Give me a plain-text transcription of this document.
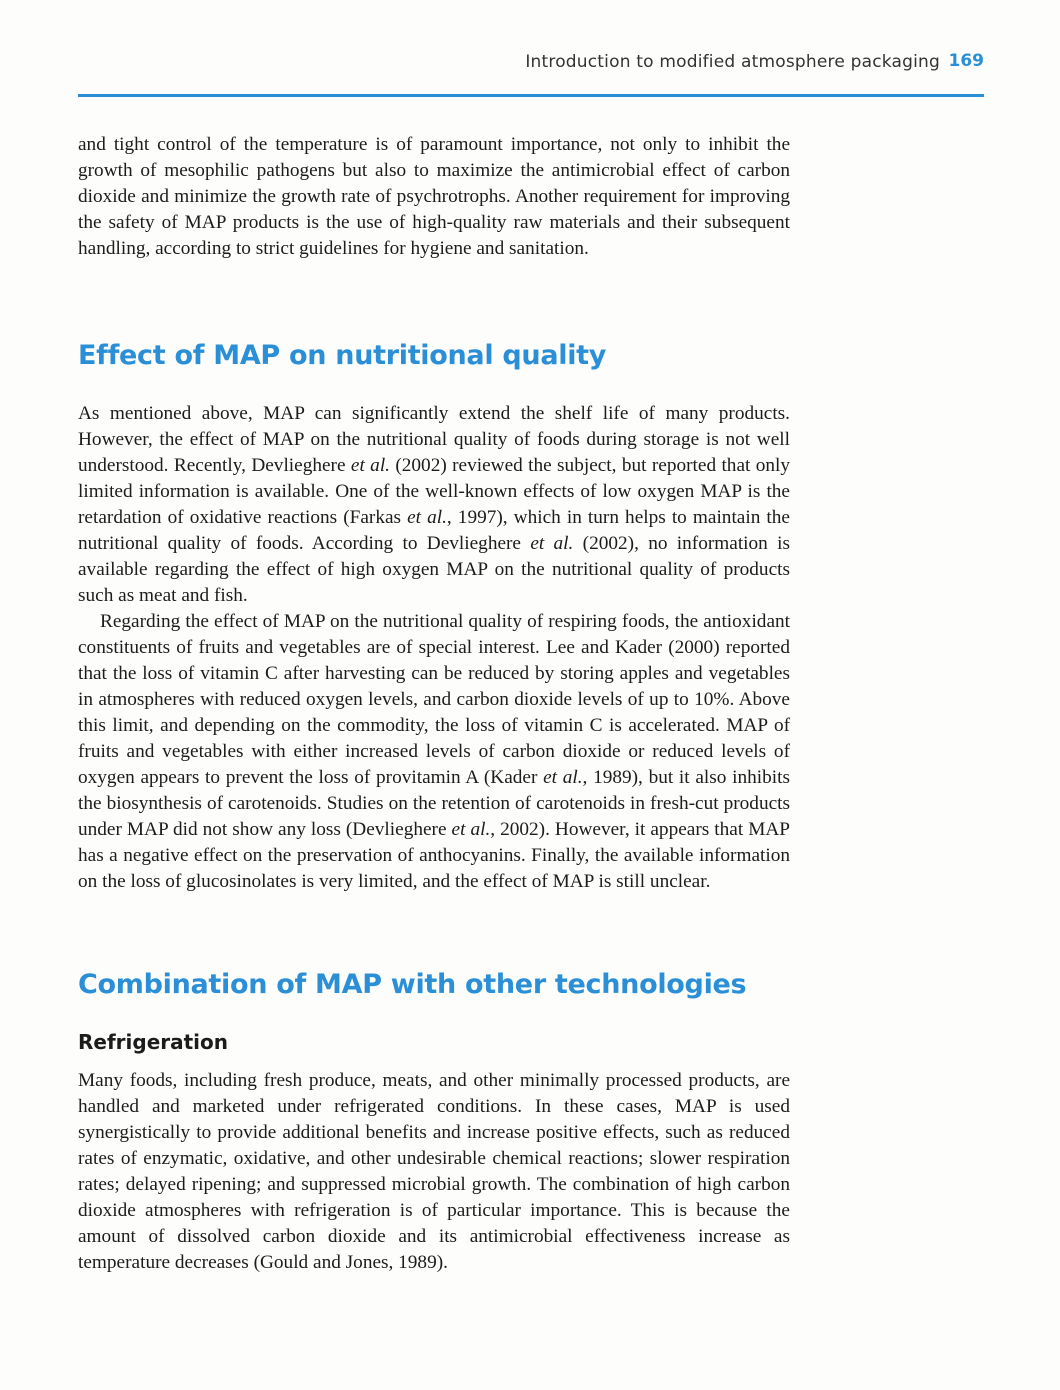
Introduction to modified atmosphere packaging 169

and tight control of the temperature is of paramount importance, not only to inhibit the growth of mesophilic pathogens but also to maximize the antimicrobial effect of carbon dioxide and minimize the growth rate of psychrotrophs. Another requirement for improving the safety of MAP products is the use of high-quality raw materials and their subsequent handling, according to strict guidelines for hygiene and sanitation.

Effect of MAP on nutritional quality

As mentioned above, MAP can significantly extend the shelf life of many products. However, the effect of MAP on the nutritional quality of foods during storage is not well understood. Recently, Devlieghere et al. (2002) reviewed the subject, but reported that only limited information is available. One of the well-known effects of low oxygen MAP is the retardation of oxidative reactions (Farkas et al., 1997), which in turn helps to maintain the nutritional quality of foods. According to Devlieghere et al. (2002), no information is available regarding the effect of high oxygen MAP on the nutritional quality of products such as meat and fish.

Regarding the effect of MAP on the nutritional quality of respiring foods, the antioxidant constituents of fruits and vegetables are of special interest. Lee and Kader (2000) reported that the loss of vitamin C after harvesting can be reduced by storing apples and vegetables in atmospheres with reduced oxygen levels, and carbon dioxide levels of up to 10%. Above this limit, and depending on the commodity, the loss of vitamin C is accelerated. MAP of fruits and vegetables with either increased levels of carbon dioxide or reduced levels of oxygen appears to prevent the loss of provitamin A (Kader et al., 1989), but it also inhibits the biosynthesis of carotenoids. Studies on the retention of carotenoids in fresh-cut products under MAP did not show any loss (Devlieghere et al., 2002). However, it appears that MAP has a negative effect on the preservation of anthocyanins. Finally, the available information on the loss of glucosinolates is very limited, and the effect of MAP is still unclear.

Combination of MAP with other technologies
Refrigeration

Many foods, including fresh produce, meats, and other minimally processed products, are handled and marketed under refrigerated conditions. In these cases, MAP is used synergistically to provide additional benefits and increase positive effects, such as reduced rates of enzymatic, oxidative, and other undesirable chemical reactions; slower respiration rates; delayed ripening; and suppressed microbial growth. The combination of high carbon dioxide atmospheres with refrigeration is of particular importance. This is because the amount of dissolved carbon dioxide and its antimicrobial effectiveness increase as temperature decreases (Gould and Jones, 1989).
